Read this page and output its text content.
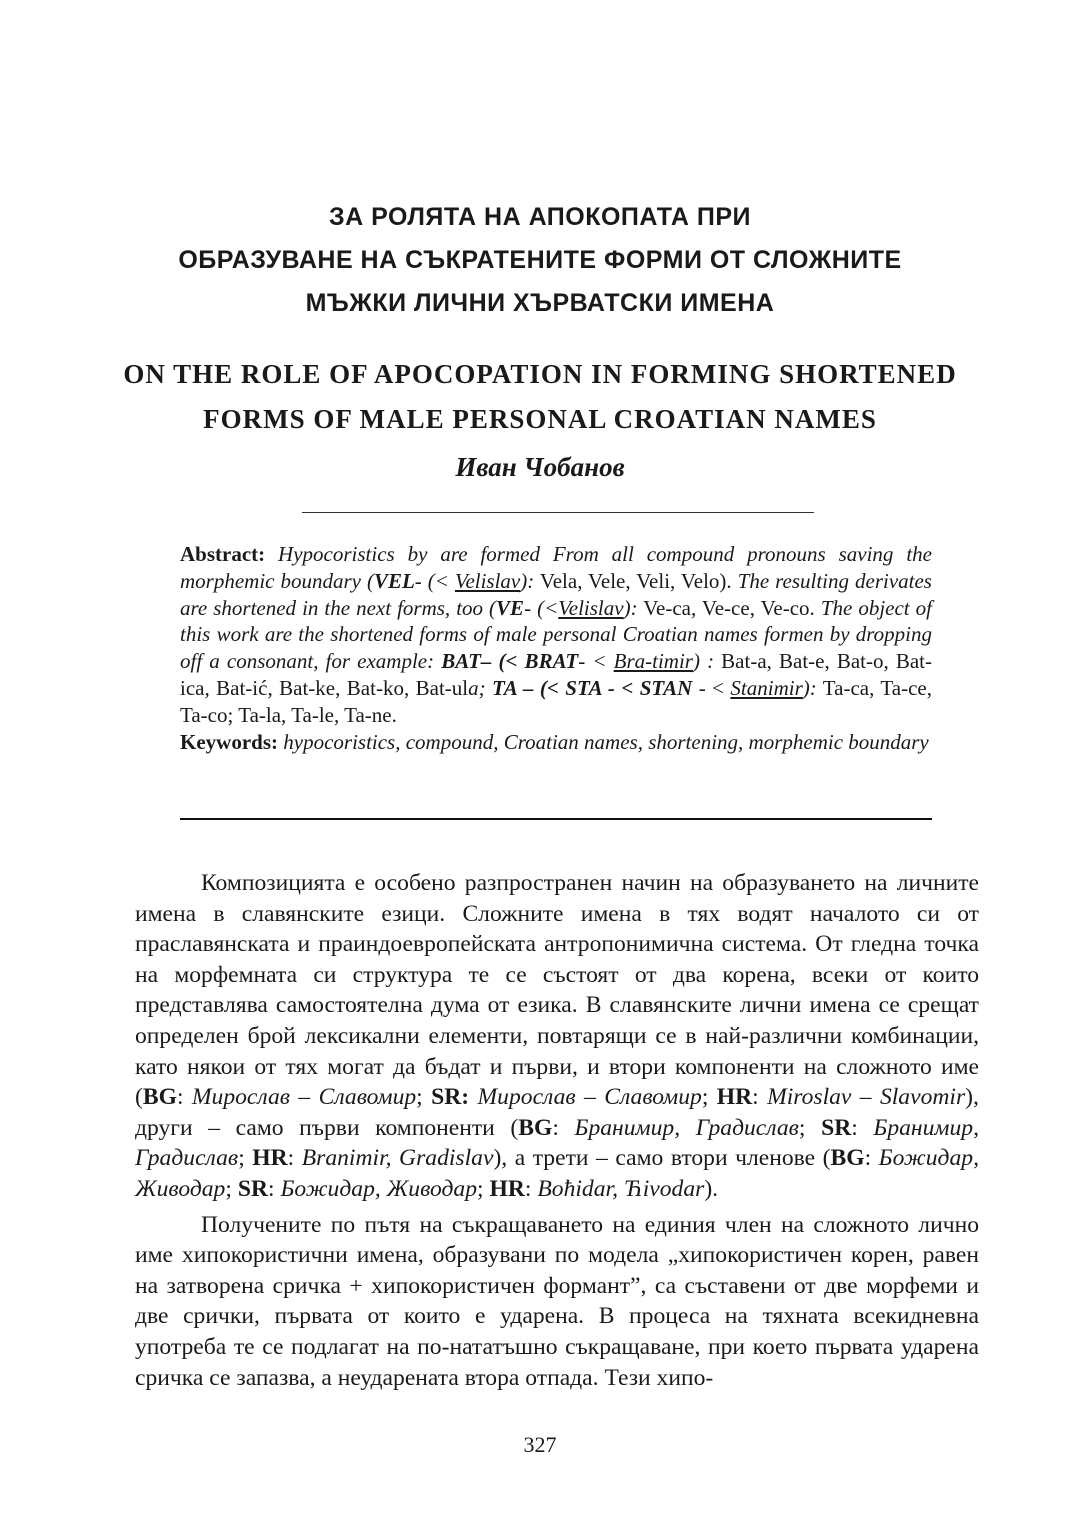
ЗА РОЛЯТА НА АПОКОПАТА ПРИ
ОБРАЗУВАНЕ НА СЪКРАТЕНИТЕ ФОРМИ ОТ СЛОЖНИТЕ
МЪЖКИ ЛИЧНИ ХЪРВАТСКИ ИМЕНА
ON THE ROLE OF APOCOPATION IN FORMING SHORTENED
FORMS OF MALE PERSONAL CROATIAN NAMES

Иван Чобанов

Abstract: Hypocoristics by are formed From all compound pronouns saving the morphemic boundary (VEL- (< Velislav): Vela, Vele, Veli, Velo). The resulting derivates are shortened in the next forms, too (VE- (<Velislav): Ve-ca, Ve-ce, Ve-co. The object of this work are the shortened forms of male personal Croatian names formen by dropping off a consonant, for example: BAT– (< BRAT- < Bra-timir) : Bat-a, Bat-e, Bat-o, Bat-ica, Bat-ić, Bat-ke, Bat-ko, Bat-ula; TA – (< STA - < STAN - < Stanimir): Ta-ca, Ta-ce, Ta-co; Ta-la, Ta-le, Ta-ne.

Keywords: hypocoristics, compound, Croatian names, shortening, morphemic boundary

Композицията е особено разпространен начин на образуването на личните имена в славянските езици. Сложните имена в тях водят началото си от праславянската и праиндоевропейската антропонимична система. От гледна точка на морфемната си структура те се състоят от два корена, всеки от които представлява самостоятелна дума от езика. В славянските лични имена се срещат определен брой лексикални елементи, повтарящи се в най-различни комбинации, като някои от тях могат да бъдат и първи, и втори компоненти на сложното име (BG: Мирослав – Славомир; SR: Мирослав – Славомир; HR: Miroslav – Slavomir), други – само първи компоненти (BG: Бранимир, Градислав; SR: Бранимир, Градислав; HR: Branimir, Gradislav), а трети – само втори членове (BG: Божидар, Живодар; SR: Божидар, Живодар; HR: Boћidar, Ћivodar).

Получените по пътя на съкращаването на единия член на сложното лично име хипокористични имена, образувани по модела „хипокористичен корен, равен на затворена сричка + хипокористичен формант”, са съставени от две морфеми и две срички, първата от които е ударена. В процеса на тяхната всекидневна употреба те се подлагат на по-нататъшно съкращаване, при което първата ударена сричка се запазва, а неударената втора отпада. Тези хипо-

327
